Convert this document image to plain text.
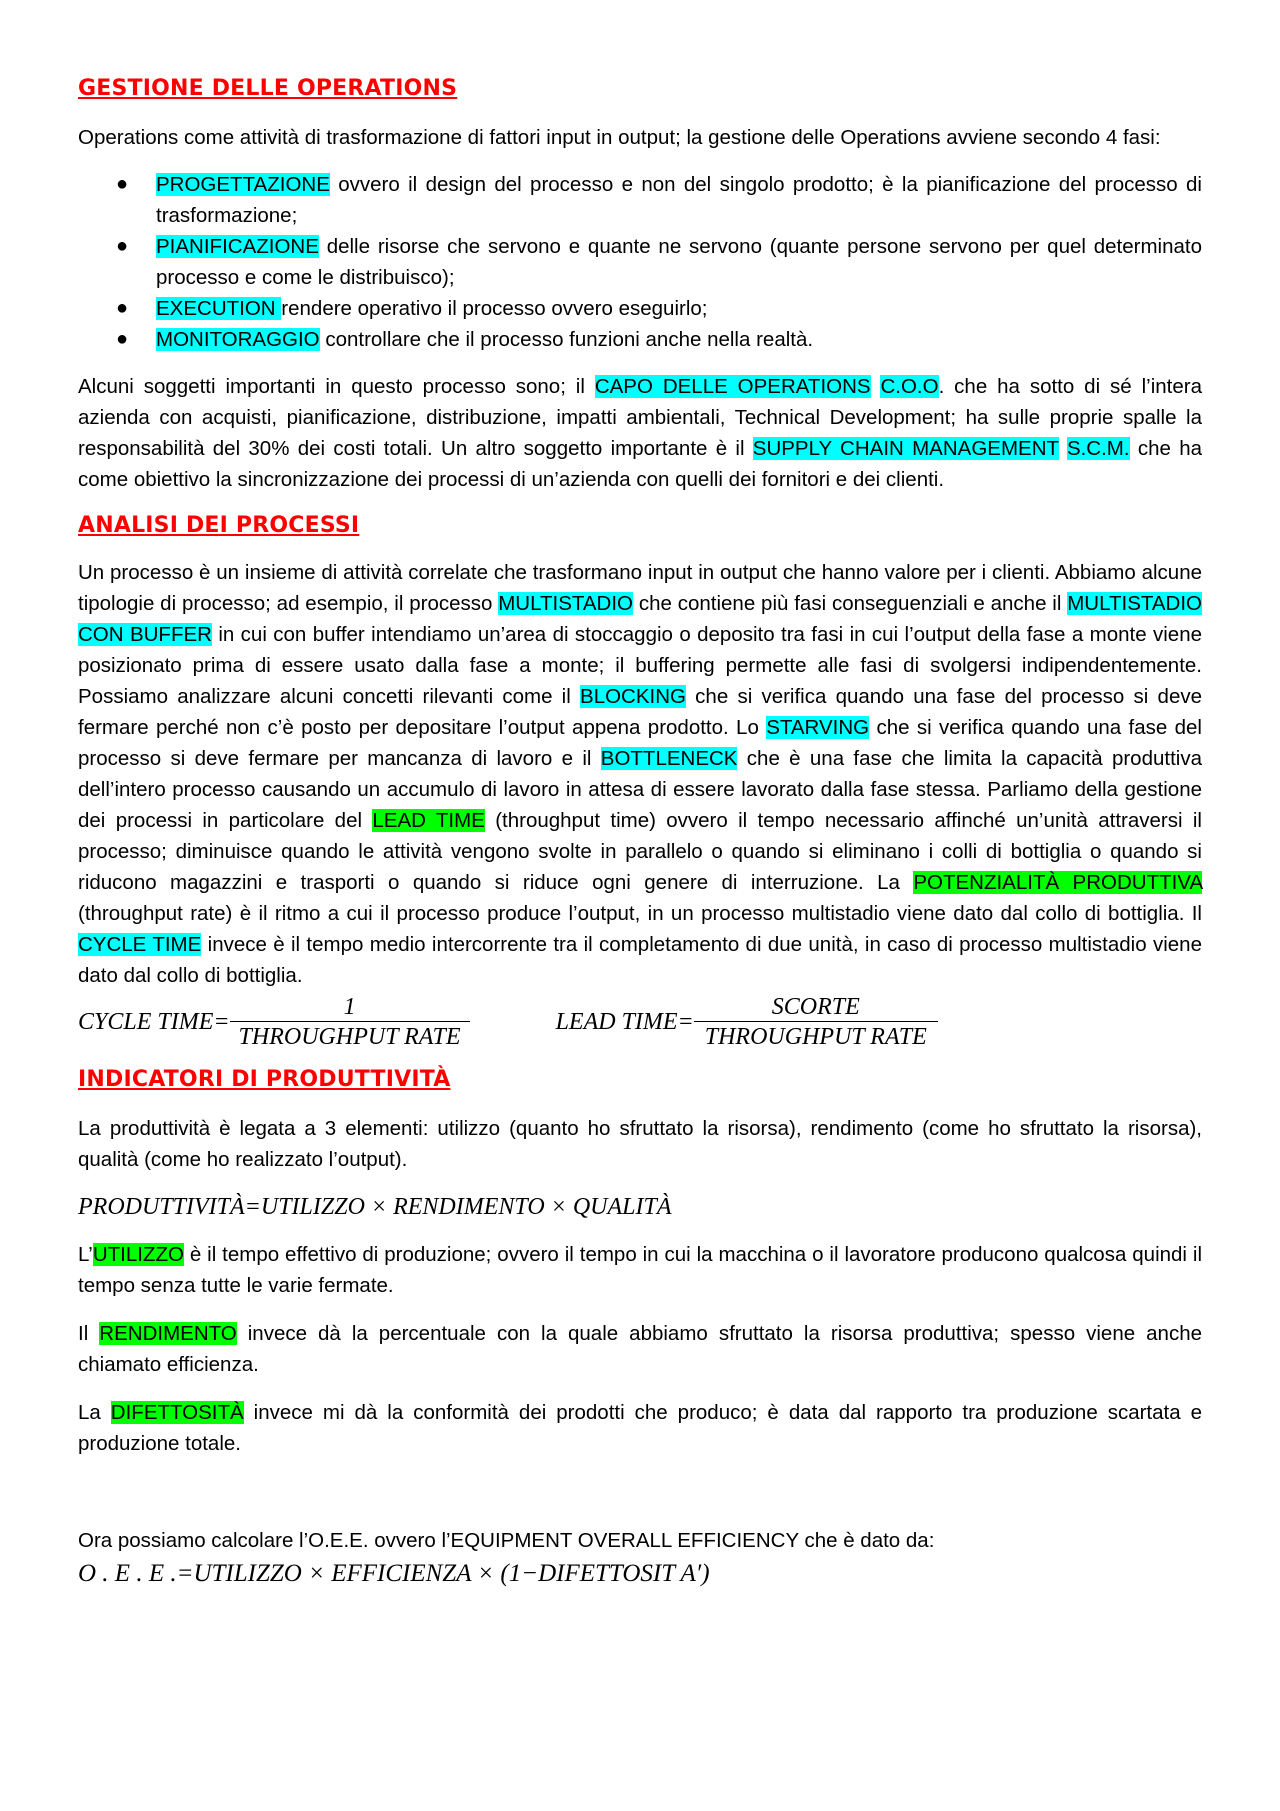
GESTIONE DELLE OPERATIONS

Operations come attività di trasformazione di fattori input in output; la gestione delle Operations avviene secondo 4 fasi:

● PROGETTAZIONE ovvero il design del processo e non del singolo prodotto; è la pianificazione del processo di trasformazione;
● PIANIFICAZIONE delle risorse che servono e quante ne servono (quante persone servono per quel determinato processo e come le distribuisco);
● EXECUTION rendere operativo il processo ovvero eseguirlo;
● MONITORAGGIO controllare che il processo funzioni anche nella realtà.

Alcuni soggetti importanti in questo processo sono; il CAPO DELLE OPERATIONS C.O.O. che ha sotto di sé l’intera azienda con acquisti, pianificazione, distribuzione, impatti ambientali, Technical Development; ha sulle proprie spalle la responsabilità del 30% dei costi totali. Un altro soggetto importante è il SUPPLY CHAIN MANAGEMENT S.C.M. che ha come obiettivo la sincronizzazione dei processi di un’azienda con quelli dei fornitori e dei clienti.

ANALISI DEI PROCESSI

Un processo è un insieme di attività correlate che trasformano input in output che hanno valore per i clienti. Abbiamo alcune tipologie di processo; ad esempio, il processo MULTISTADIO che contiene più fasi conseguenziali e anche il MULTISTADIO CON BUFFER in cui con buffer intendiamo un’area di stoccaggio o deposito tra fasi in cui l’output della fase a monte viene posizionato prima di essere usato dalla fase a monte; il buffering permette alle fasi di svolgersi indipendentemente. Possiamo analizzare alcuni concetti rilevanti come il BLOCKING che si verifica quando una fase del processo si deve fermare perché non c’è posto per depositare l’output appena prodotto. Lo STARVING che si verifica quando una fase del processo si deve fermare per mancanza di lavoro e il BOTTLENECK che è una fase che limita la capacità produttiva dell’intero processo causando un accumulo di lavoro in attesa di essere lavorato dalla fase stessa. Parliamo della gestione dei processi in particolare del LEAD TIME (throughput time) ovvero il tempo necessario affinché un’unità attraversi il processo; diminuisce quando le attività vengono svolte in parallelo o quando si eliminano i colli di bottiglia o quando si riducono magazzini e trasporti o quando si riduce ogni genere di interruzione. La POTENZIALITÀ PRODUTTIVA (throughput rate) è il ritmo a cui il processo produce l’output, in un processo multistadio viene dato dal collo di bottiglia. Il CYCLE TIME invece è il tempo medio intercorrente tra il completamento di due unità, in caso di processo multistadio viene dato dal collo di bottiglia.

CYCLE TIME= $\frac{1}{\text{THROUGHPUT RATE}}$	LEAD TIME= $\frac{\text{SCORTE}}{\text{THROUGHPUT RATE}}$
INDICATORI DI PRODUTTIVITÀ

La produttività è legata a 3 elementi: utilizzo (quanto ho sfruttato la risorsa), rendimento (come ho sfruttato la risorsa), qualità (come ho realizzato l’output).

PRODUTTIVITÀ=UTILIZZO × RENDIMENTO × QUALITÀ

L’UTILIZZO è il tempo effettivo di produzione; ovvero il tempo in cui la macchina o il lavoratore producono qualcosa quindi il tempo senza tutte le varie fermate.

Il RENDIMENTO invece dà la percentuale con la quale abbiamo sfruttato la risorsa produttiva; spesso viene anche chiamato efficienza.

La DIFETTOSITÀ invece mi dà la conformità dei prodotti che produco; è data dal rapporto tra produzione scartata e produzione totale.

Ora possiamo calcolare l’O.E.E. ovvero l’EQUIPMENT OVERALL EFFICIENCY che è dato da:

O . E . E .=UTILIZZO × EFFICIENZA × (1−DIFETTOSIT A′)
